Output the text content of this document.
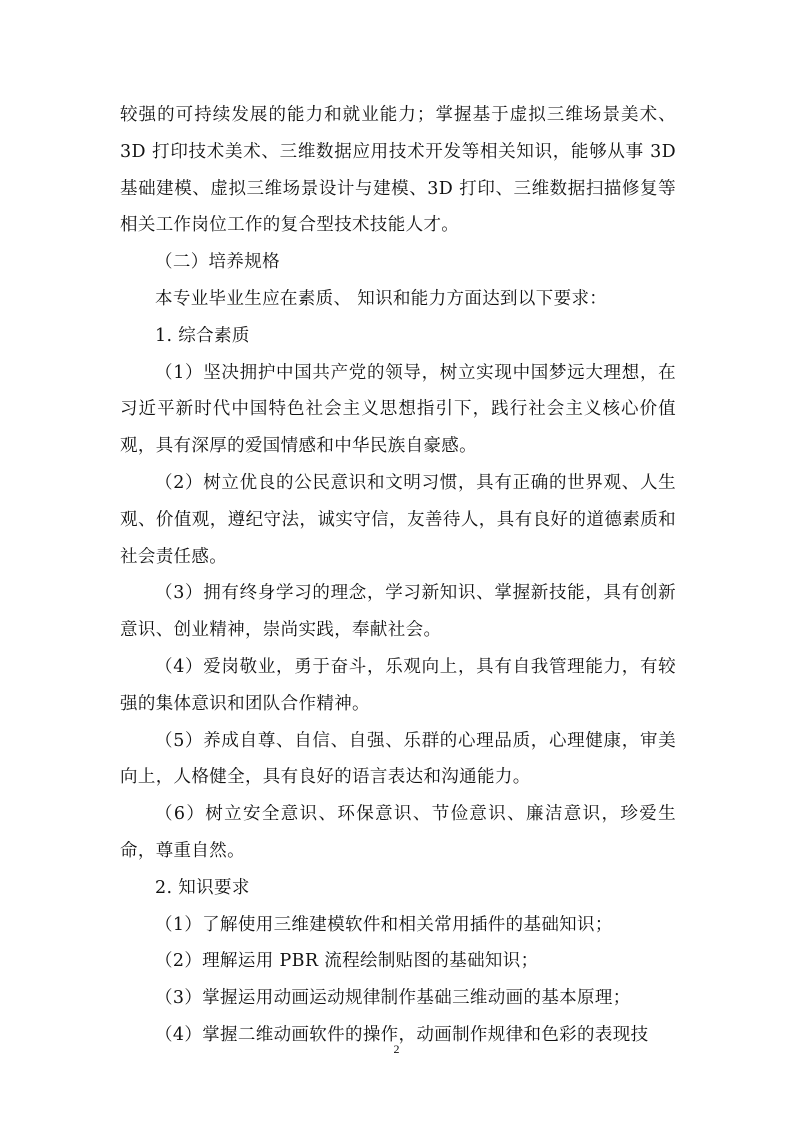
较强的可持续发展的能力和就业能力；掌握基于虚拟三维场景美术、3D 打印技术美术、三维数据应用技术开发等相关知识，能够从事 3D 基础建模、虚拟三维场景设计与建模、3D 打印、三维数据扫描修复等相关工作岗位工作的复合型技术技能人才。

（二）培养规格

本专业毕业生应在素质、 知识和能力方面达到以下要求：

1. 综合素质

（1）坚决拥护中国共产党的领导，树立实现中国梦远大理想，在习近平新时代中国特色社会主义思想指引下，践行社会主义核心价值观，具有深厚的爱国情感和中华民族自豪感。

（2）树立优良的公民意识和文明习惯，具有正确的世界观、人生观、价值观，遵纪守法，诚实守信，友善待人，具有良好的道德素质和社会责任感。

（3）拥有终身学习的理念，学习新知识、掌握新技能，具有创新意识、创业精神，崇尚实践，奉献社会。

（4）爱岗敬业，勇于奋斗，乐观向上，具有自我管理能力，有较强的集体意识和团队合作精神。

（5）养成自尊、自信、自强、乐群的心理品质，心理健康，审美向上，人格健全，具有良好的语言表达和沟通能力。

（6）树立安全意识、环保意识、节俭意识、廉洁意识，珍爱生命，尊重自然。

2. 知识要求

（1）了解使用三维建模软件和相关常用插件的基础知识；

（2）理解运用 PBR 流程绘制贴图的基础知识；

（3）掌握运用动画运动规律制作基础三维动画的基本原理；

（4）掌握二维动画软件的操作，动画制作规律和色彩的表现技

2
